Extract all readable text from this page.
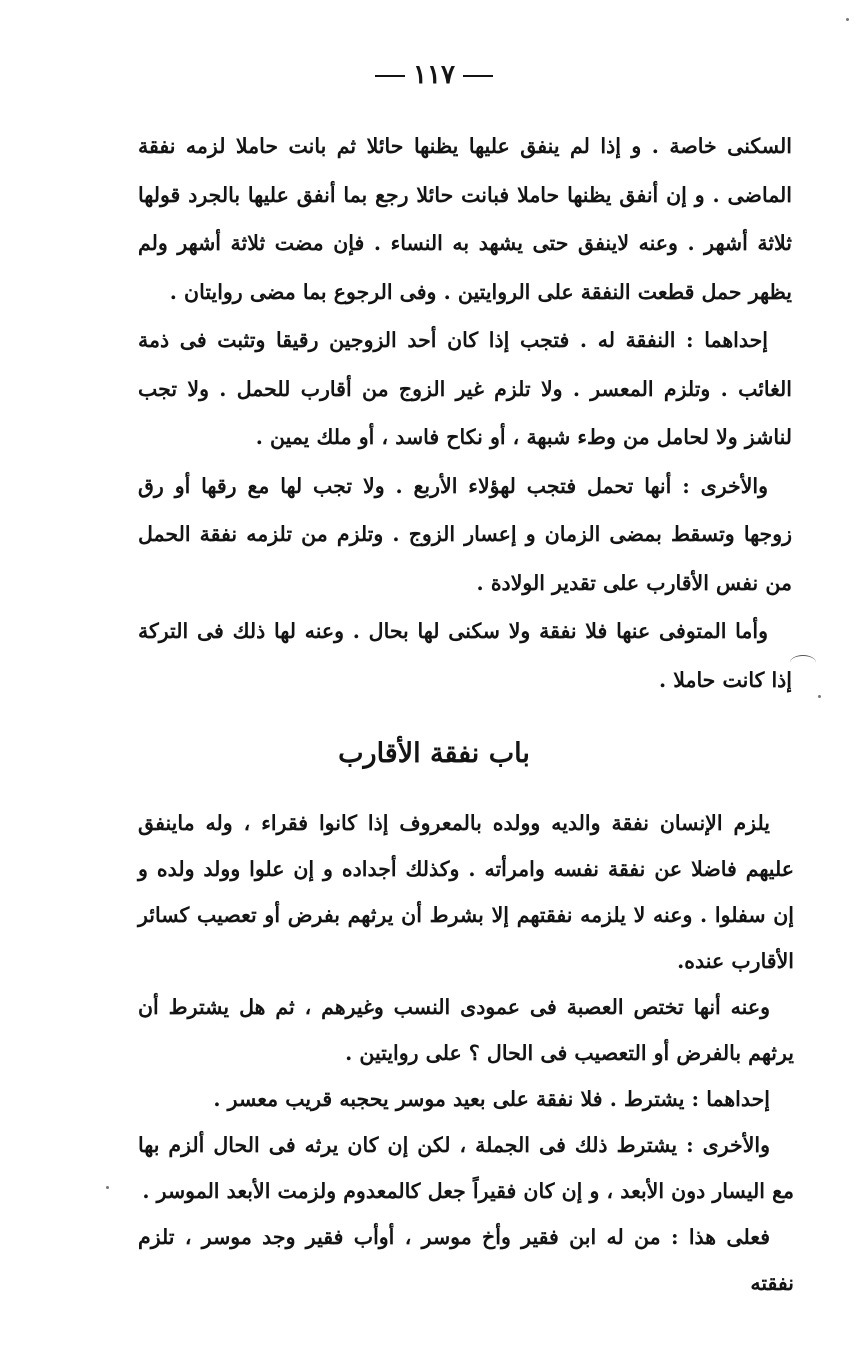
١١٧

السكنى خاصة . و إذا لم ينفق عليها يظنها حائلا ثم بانت حاملا لزمه نفقة الماضى . و إن أنفق يظنها حاملا فبانت حائلا رجع بما أنفق عليها بالجرد قولها ثلاثة أشهر . وعنه لاينفق حتى يشهد به النساء . فإن مضت ثلاثة أشهر ولم يظهر حمل قطعت النفقة على الروايتين . وفى الرجوع بما مضى روايتان .

إحداهما : النفقة له . فتجب إذا كان أحد الزوجين رقيقا وتثبت فى ذمة الغائب . وتلزم المعسر . ولا تلزم غير الزوج من أقارب للحمل . ولا تجب لناشز ولا لحامل من وطء شبهة ، أو نكاح فاسد ، أو ملك يمين .

والأخرى : أنها تحمل فتجب لهؤلاء الأربع . ولا تجب لها مع رقها أو رق زوجها وتسقط بمضى الزمان و إعسار الزوج . وتلزم من تلزمه نفقة الحمل من نفس الأقارب على تقدير الولادة .

وأما المتوفى عنها فلا نفقة ولا سكنى لها بحال . وعنه لها ذلك فى التركة إذا كانت حاملا .

باب نفقة الأقارب

يلزم الإنسان نفقة والديه وولده بالمعروف إذا كانوا فقراء ، وله ماينفق عليهم فاضلا عن نفقة نفسه وامرأته . وكذلك أجداده و إن علوا وولد ولده و إن سفلوا . وعنه لا يلزمه نفقتهم إلا بشرط أن يرثهم بفرض أو تعصيب كسائر الأقارب عنده.

وعنه أنها تختص العصبة فى عمودى النسب وغيرهم ، ثم هل يشترط أن يرثهم بالفرض أو التعصيب فى الحال ؟ على روايتين .

إحداهما : يشترط . فلا نفقة على بعيد موسر يحجبه قريب معسر .

والأخرى : يشترط ذلك فى الجملة ، لكن إن كان يرثه فى الحال ألزم بها مع اليسار دون الأبعد ، و إن كان فقيراً جعل كالمعدوم ولزمت الأبعد الموسر .

فعلى هذا : من له ابن فقير وأخ موسر ، أوأب فقير وجد موسر ، تلزم نفقته
